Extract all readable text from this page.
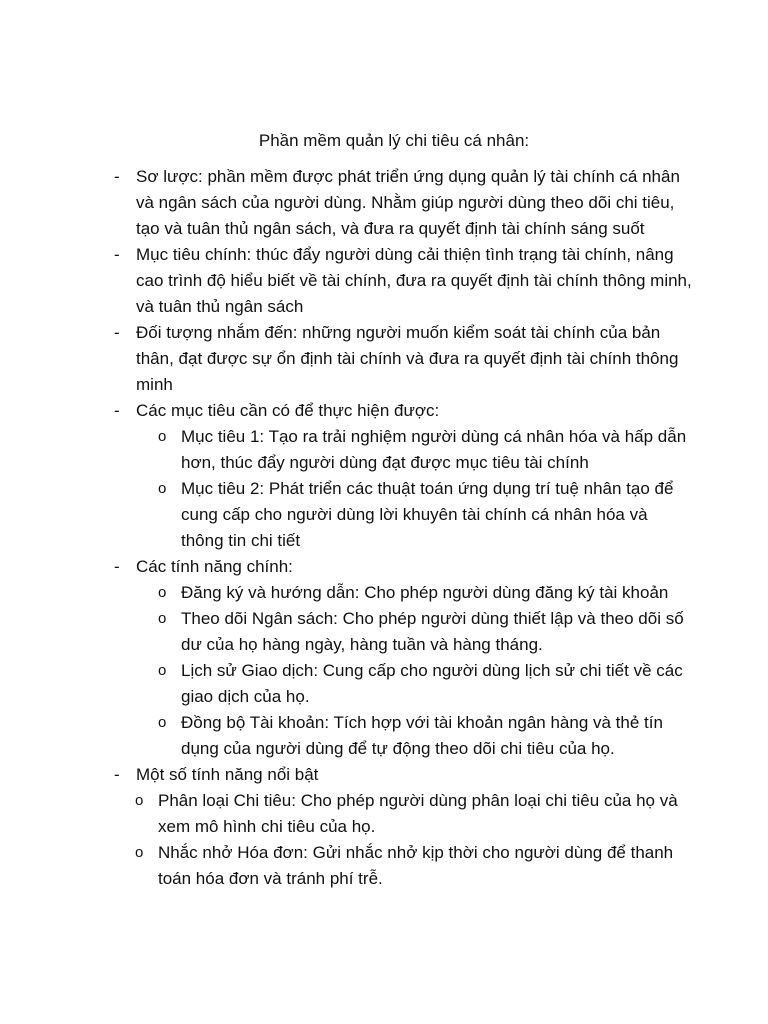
Phần mềm quản lý chi tiêu cá nhân:
- Sơ lược: phần mềm được phát triển ứng dụng quản lý tài chính cá nhân và ngân sách của người dùng. Nhằm giúp người dùng theo dõi chi tiêu, tạo và tuân thủ ngân sách, và đưa ra quyết định tài chính sáng suốt
- Mục tiêu chính: thúc đẩy người dùng cải thiện tình trạng tài chính, nâng cao trình độ hiểu biết về tài chính, đưa ra quyết định tài chính thông minh, và tuân thủ ngân sách
- Đối tượng nhắm đến: những người muốn kiểm soát tài chính của bản thân, đạt được sự ổn định tài chính và đưa ra quyết định tài chính thông minh
- Các mục tiêu cần có để thực hiện được:
o Mục tiêu 1: Tạo ra trải nghiệm người dùng cá nhân hóa và hấp dẫn hơn, thúc đẩy người dùng đạt được mục tiêu tài chính
o Mục tiêu 2: Phát triển các thuật toán ứng dụng trí tuệ nhân tạo để cung cấp cho người dùng lời khuyên tài chính cá nhân hóa và thông tin chi tiết
- Các tính năng chính:
o Đăng ký và hướng dẫn: Cho phép người dùng đăng ký tài khoản
o Theo dõi Ngân sách: Cho phép người dùng thiết lập và theo dõi số dư của họ hàng ngày, hàng tuần và hàng tháng.
o Lịch sử Giao dịch: Cung cấp cho người dùng lịch sử chi tiết về các giao dịch của họ.
o Đồng bộ Tài khoản: Tích hợp với tài khoản ngân hàng và thẻ tín dụng của người dùng để tự động theo dõi chi tiêu của họ.
- Một số tính năng nổi bật
o Phân loại Chi tiêu: Cho phép người dùng phân loại chi tiêu của họ và xem mô hình chi tiêu của họ.
o Nhắc nhở Hóa đơn: Gửi nhắc nhở kịp thời cho người dùng để thanh toán hóa đơn và tránh phí trễ.
